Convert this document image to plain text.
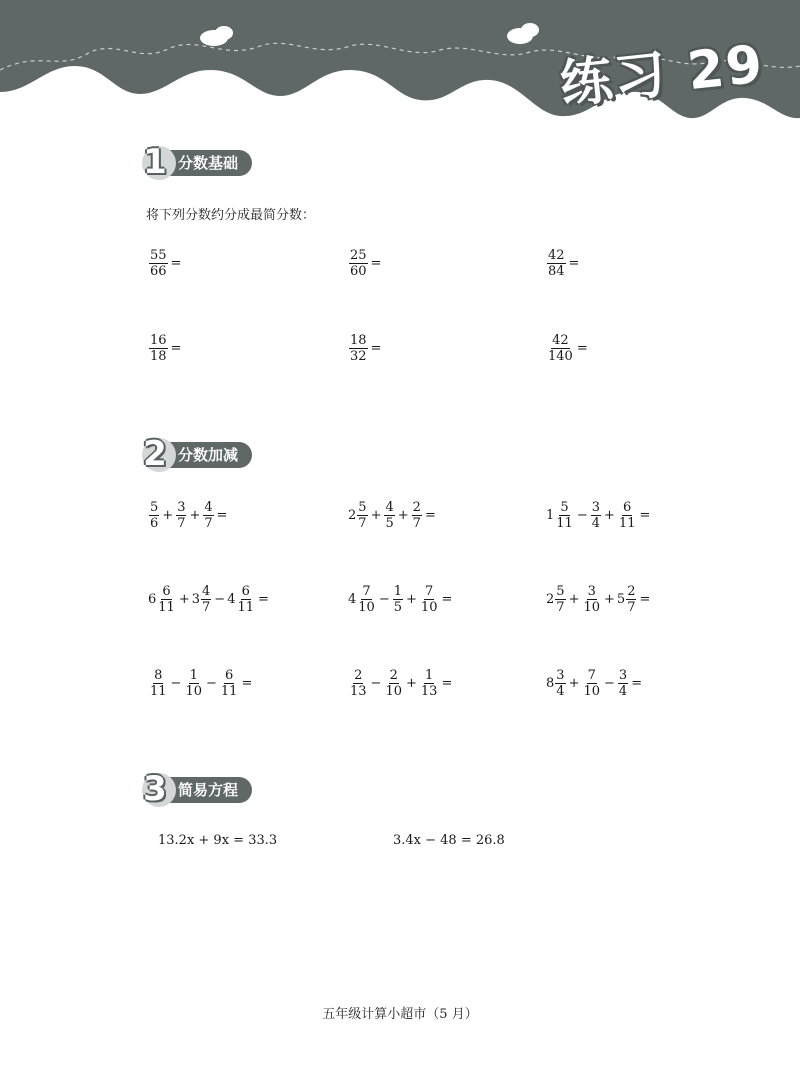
练习 29
1 分数基础
将下列分数约分成最简分数：
$\frac{55}{66}$ =	$\frac{25}{60}$ =	$\frac{42}{84}$ =
$\frac{16}{18}$ =	$\frac{18}{32}$ =	$\frac{42}{140}$ =
2 分数加减
$\frac{5}{6} + \frac{3}{7} + \frac{4}{7}$ =	$2 \frac{5}{7} + \frac{4}{5} + \frac{2}{7}$ =	$1 \frac{5}{11} - \frac{3}{4} + \frac{6}{11}$ =
$6 \frac{6}{11} + 3 \frac{4}{7} - 4 \frac{6}{11}$ =	$4 \frac{7}{10} - \frac{1}{5} + \frac{7}{10}$ =	$2 \frac{5}{7} + \frac{3}{10} + 5 \frac{2}{7}$ =
$\frac{8}{11} - \frac{1}{10} - \frac{6}{11}$ =	$\frac{2}{13} - \frac{2}{10} + \frac{1}{13}$ =	$8 \frac{3}{4} + \frac{7}{10} - \frac{3}{4}$ =
3 简易方程
13.2x + 9x = 33.3	3.4x − 48 = 26.8
五年级计算小超市（5 月）
